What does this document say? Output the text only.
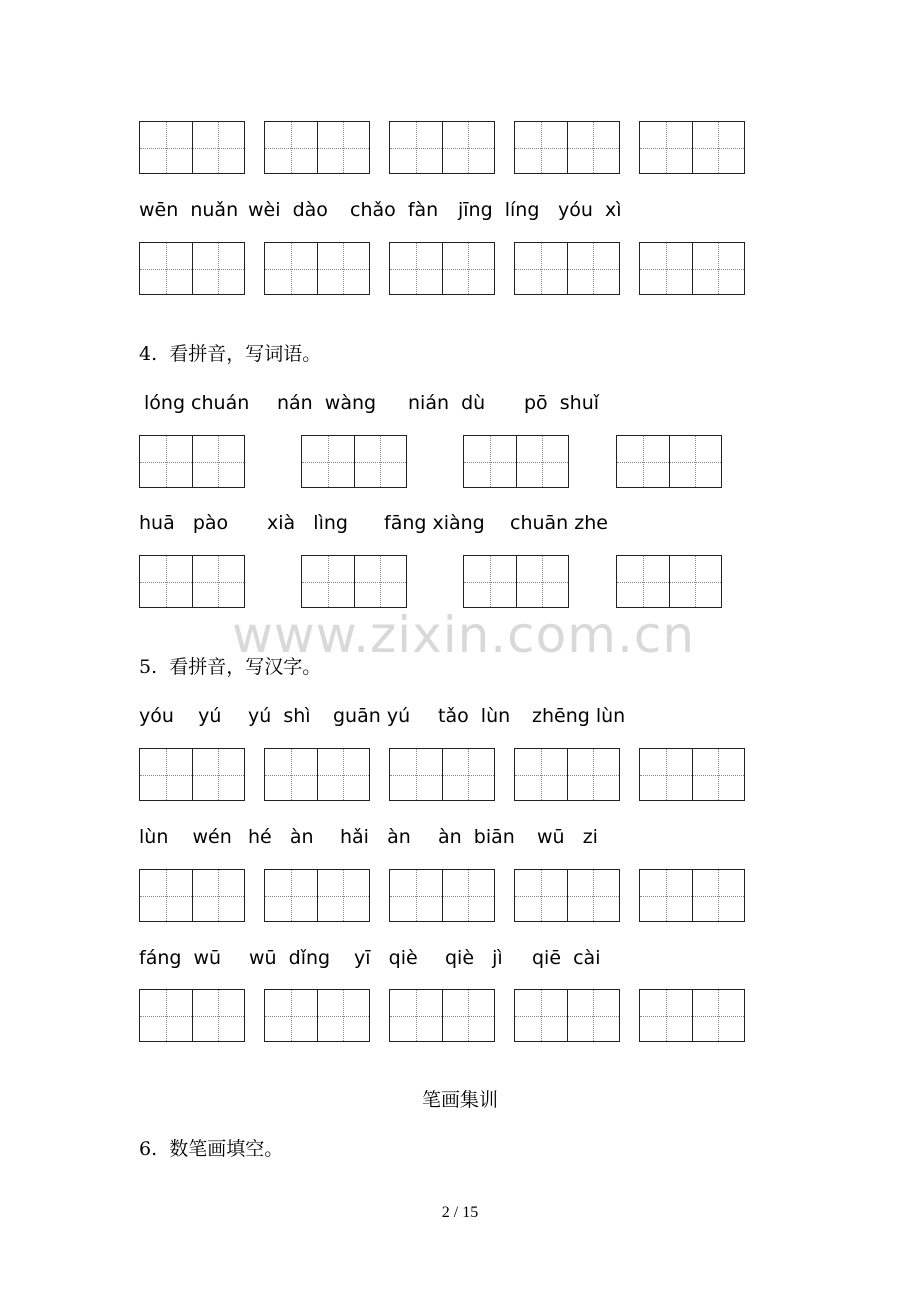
wēn  nuǎn wèi  dào chǎo  fàn jīng  líng yóu  xì
4.  看拼音，写词语。
lóng chuán nán  wàng nián  dù pō  shuǐ
huā   pào xià   lìng fāng xiàng chuān zhe
www.zixin.com.cn
5.  看拼音，写汉字。
yóu    yú yú  shì guān yú tǎo  lùn zhēng lùn
lùn    wén hé   àn hǎi   àn àn  biān wū   zi
fáng  wū wū  dǐng yī   qiè qiè   jì qiē  cài
笔画集训
6.  数笔画填空。
2 / 15
